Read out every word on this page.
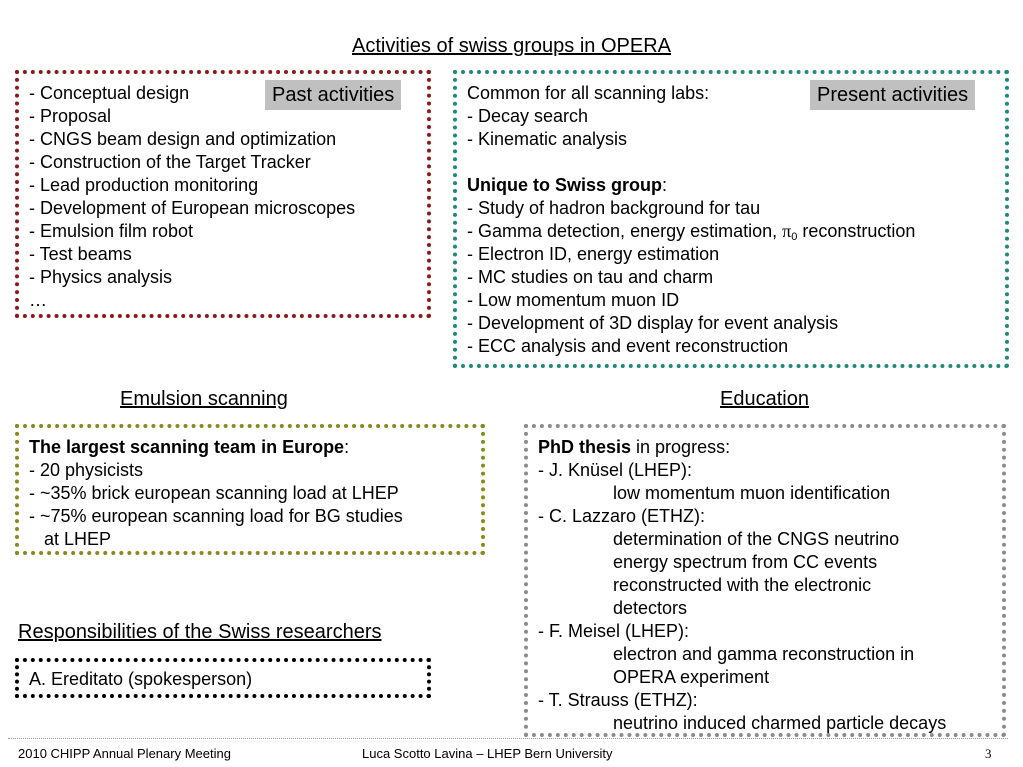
Activities of swiss groups in OPERA
- Conceptual design
- Proposal
- CNGS beam design and optimization
- Construction of the Target Tracker
- Lead production monitoring
- Development of European microscopes
- Emulsion film robot
- Test beams
- Physics analysis
…
Past activities	Common for all scanning labs:
- Decay search
- Kinematic analysis
Unique to Swiss group:
- Study of hadron background for tau
- Gamma detection, energy estimation, $\pi_0$ reconstruction
- Electron ID, energy estimation
- MC studies on tau and charm
- Low momentum muon ID
- Development of 3D display for event analysis
- ECC analysis and event reconstruction
Present activities
Emulsion scanning
The largest scanning team in Europe:
- 20 physicists
- ~35% brick european scanning load at LHEP
- ~75% european scanning load for BG studies
at LHEP
Education
PhD thesis in progress:
- J. Knüsel (LHEP):
low momentum muon identification
- C. Lazzaro (ETHZ):
determination of the CNGS neutrino
energy spectrum from CC events
reconstructed with the electronic
detectors
- F. Meisel (LHEP):
electron and gamma reconstruction in
OPERA experiment
- T. Strauss (ETHZ):
neutrino induced charmed particle decays
Responsibilities of the Swiss researchers
A. Ereditato (spokesperson)
2010 CHIPP Annual Plenary Meeting	Luca Scotto Lavina – LHEP Bern University	3
